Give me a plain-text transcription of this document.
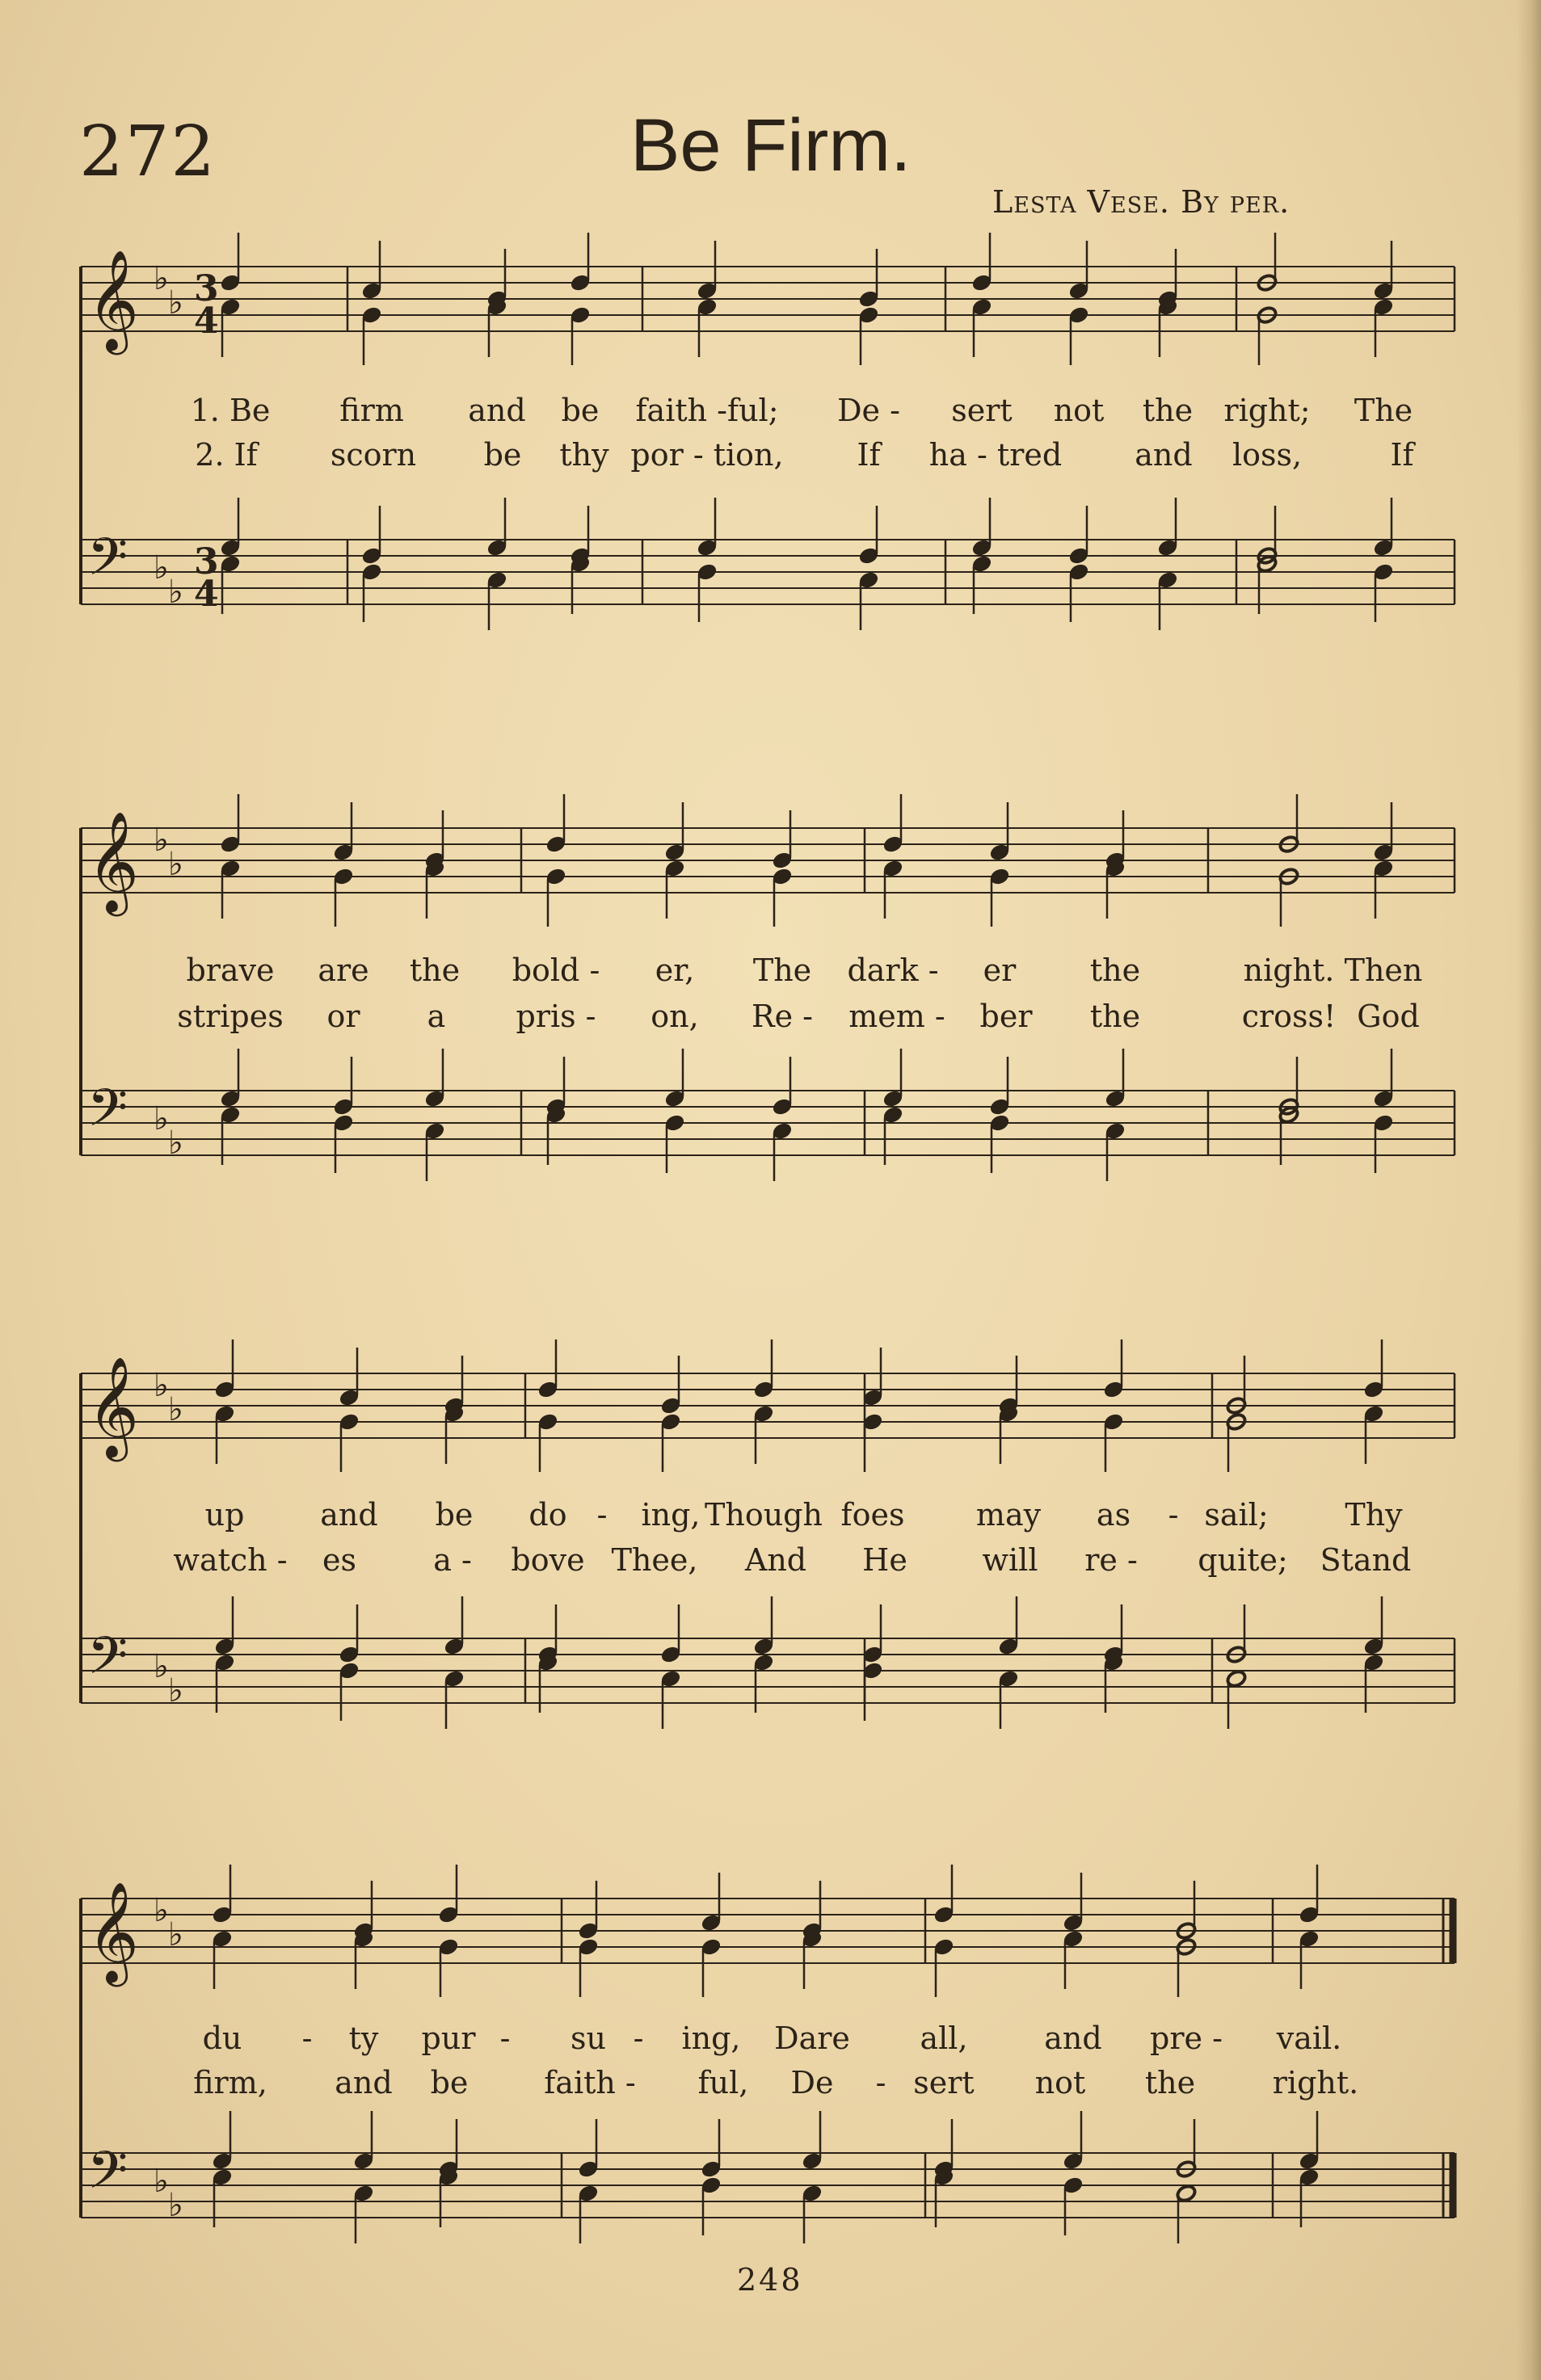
272	Be Firm.
Lesta Vese. By per.
𝄞
𝄢
♭
♭
♭
♭
3
4
3
4
𝄞
𝄢
♭
♭
♭
♭
𝄞
𝄢
♭
♭
♭
♭
𝄞
𝄢
♭
♭
♭
♭
1. Be firm and be faith -ful; De - sert not the right; The
2. If scorn be thy por - tion, If ha - tred and loss,	If
brave are the bold - er, The dark - er the	night. Then
stripes or a pris - on, Re - mem - ber the	cross! God
up and be do - ing, Though foes may as - sail; Thy
watch - es	a - bove Thee, And He will re - quite; Stand
du - ty pur - su - ing, Dare all, and pre - vail.
firm, and be faith - ful, De - sert not the	right.
248
